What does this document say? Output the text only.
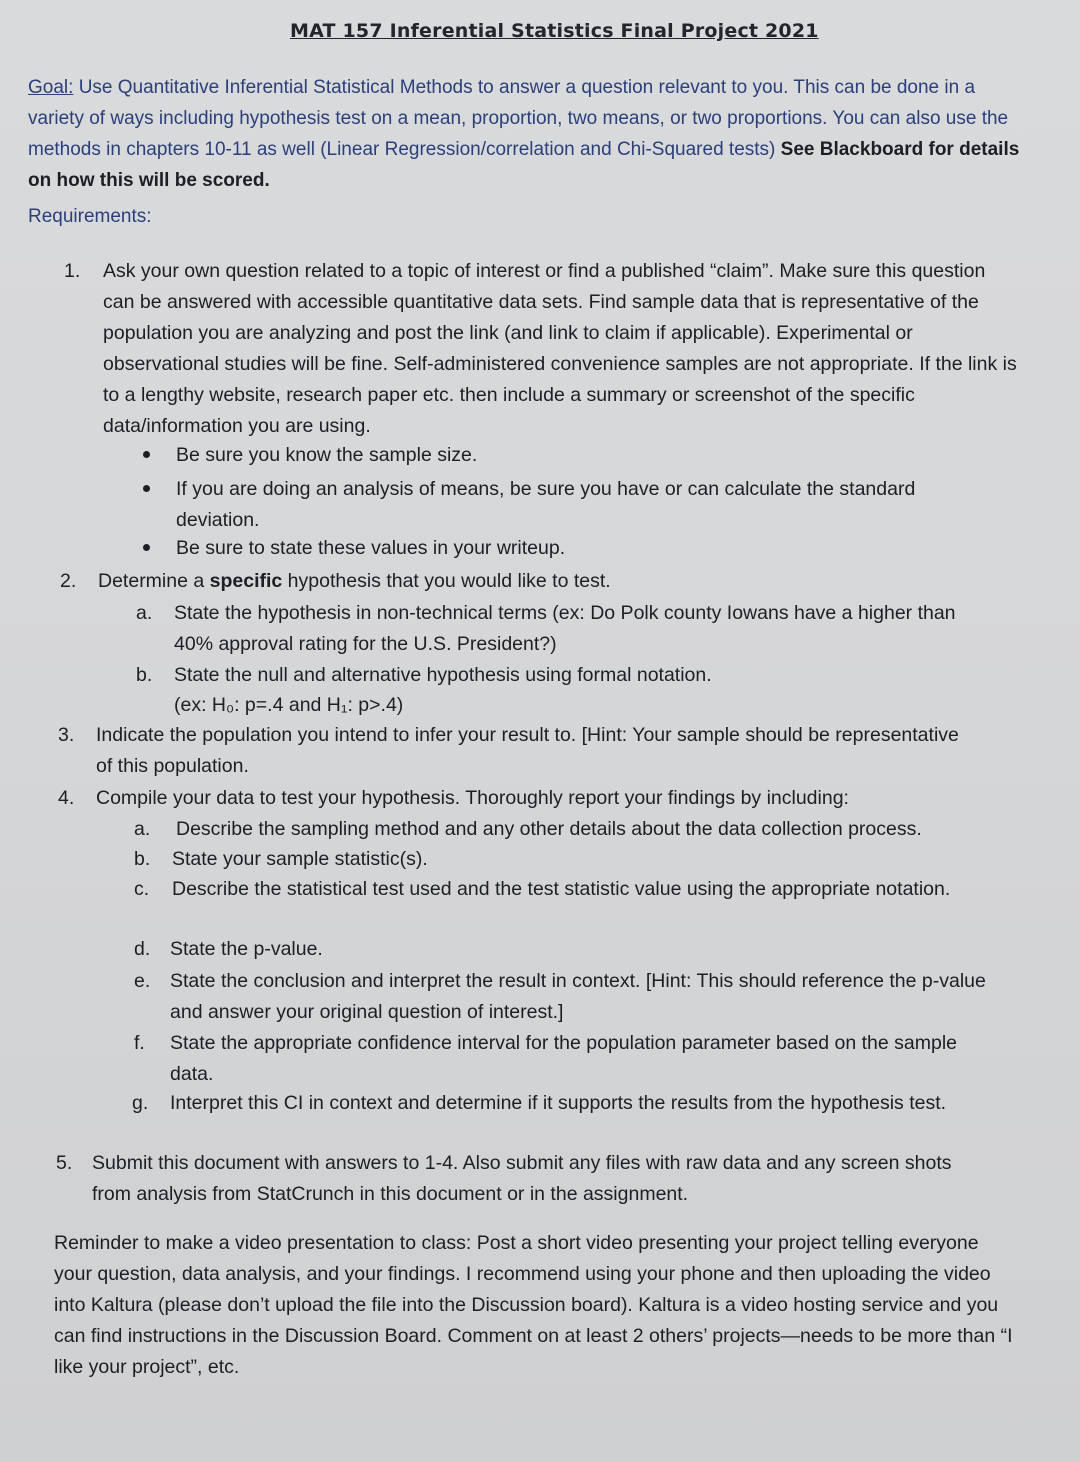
MAT 157 Inferential Statistics Final Project 2021
Goal: Use Quantitative Inferential Statistical Methods to answer a question relevant to you. This can be done in a variety of ways including hypothesis test on a mean, proportion, two means, or two proportions. You can also use the methods in chapters 10-11 as well (Linear Regression/correlation and Chi-Squared tests) See Blackboard for details on how this will be scored.
Requirements:
1. Ask your own question related to a topic of interest or find a published “claim”. Make sure this question can be answered with accessible quantitative data sets. Find sample data that is representative of the population you are analyzing and post the link (and link to claim if applicable). Experimental or observational studies will be fine. Self-administered convenience samples are not appropriate. If the link is to a lengthy website, research paper etc. then include a summary or screenshot of the specific data/information you are using.
Be sure you know the sample size.
If you are doing an analysis of means, be sure you have or can calculate the standard deviation.
Be sure to state these values in your writeup.
2. Determine a specific hypothesis that you would like to test.
a. State the hypothesis in non-technical terms (ex: Do Polk county Iowans have a higher than 40% approval rating for the U.S. President?)
b. State the null and alternative hypothesis using formal notation.
(ex: H₀: p=.4 and H₁: p>.4)
3. Indicate the population you intend to infer your result to. [Hint: Your sample should be representative of this population.
4. Compile your data to test your hypothesis. Thoroughly report your findings by including:
a. Describe the sampling method and any other details about the data collection process.
b. State your sample statistic(s).
c. Describe the statistical test used and the test statistic value using the appropriate notation.
d. State the p-value.
e. State the conclusion and interpret the result in context. [Hint: This should reference the p-value and answer your original question of interest.]
f. State the appropriate confidence interval for the population parameter based on the sample data.
g. Interpret this CI in context and determine if it supports the results from the hypothesis test.
5. Submit this document with answers to 1-4. Also submit any files with raw data and any screen shots from analysis from StatCrunch in this document or in the assignment.
Reminder to make a video presentation to class: Post a short video presenting your project telling everyone your question, data analysis, and your findings. I recommend using your phone and then uploading the video into Kaltura (please don’t upload the file into the Discussion board). Kaltura is a video hosting service and you can find instructions in the Discussion Board. Comment on at least 2 others’ projects—needs to be more than “I like your project”, etc.
